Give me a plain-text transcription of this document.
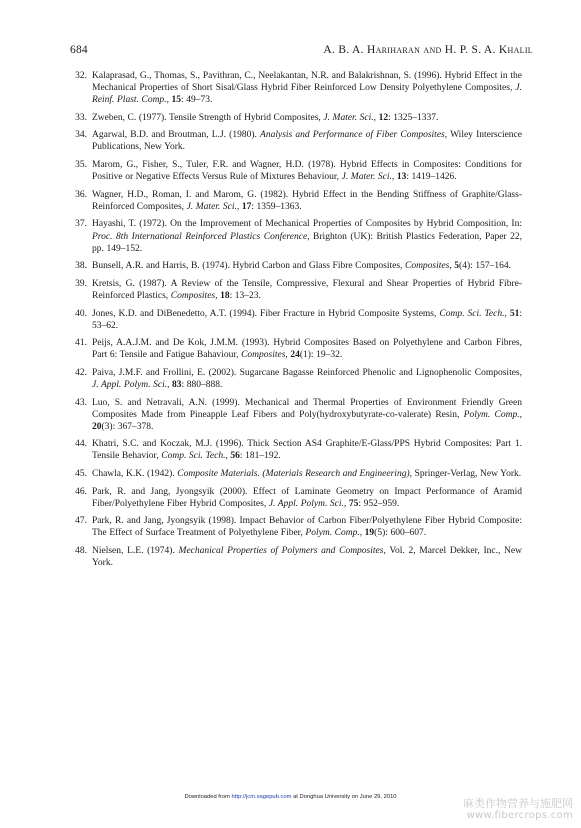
684	A. B. A. Hariharan and H. P. S. A. Khalil
32. Kalaprasad, G., Thomas, S., Pavithran, C., Neelakantan, N.R. and Balakrishnan, S. (1996). Hybrid Effect in the Mechanical Properties of Short Sisal/Glass Hybrid Fiber Reinforced Low Density Polyethylene Composites, J. Reinf. Plast. Comp., 15: 49–73.
33. Zweben, C. (1977). Tensile Strength of Hybrid Composites, J. Mater. Sci., 12: 1325–1337.
34. Agarwal, B.D. and Broutman, L.J. (1980). Analysis and Performance of Fiber Composites, Wiley Interscience Publications, New York.
35. Marom, G., Fisher, S., Tuler, F.R. and Wagner, H.D. (1978). Hybrid Effects in Composites: Conditions for Positive or Negative Effects Versus Rule of Mixtures Behaviour, J. Mater. Sci., 13: 1419–1426.
36. Wagner, H.D., Roman, I. and Marom, G. (1982). Hybrid Effect in the Bending Stiffness of Graphite/Glass-Reinforced Composites, J. Mater. Sci., 17: 1359–1363.
37. Hayashi, T. (1972). On the Improvement of Mechanical Properties of Composites by Hybrid Composition, In: Proc. 8th International Reinforced Plastics Conference, Brighton (UK): British Plastics Federation, Paper 22, pp. 149–152.
38. Bunsell, A.R. and Harris, B. (1974). Hybrid Carbon and Glass Fibre Composites, Composites, 5(4): 157–164.
39. Kretsis, G. (1987). A Review of the Tensile, Compressive, Flexural and Shear Properties of Hybrid Fibre-Reinforced Plastics, Composites, 18: 13–23.
40. Jones, K.D. and DiBenedetto, A.T. (1994). Fiber Fracture in Hybrid Composite Systems, Comp. Sci. Tech., 51: 53–62.
41. Peijs, A.A.J.M. and De Kok, J.M.M. (1993). Hybrid Composites Based on Polyethylene and Carbon Fibres, Part 6: Tensile and Fatigue Bahaviour, Composites, 24(1): 19–32.
42. Paiva, J.M.F. and Frollini, E. (2002). Sugarcane Bagasse Reinforced Phenolic and Lignophenolic Composites, J. Appl. Polym. Sci., 83: 880–888.
43. Luo, S. and Netravali, A.N. (1999). Mechanical and Thermal Properties of Environment Friendly Green Composites Made from Pineapple Leaf Fibers and Poly(hydroxybutyrate-co-valerate) Resin, Polym. Comp., 20(3): 367–378.
44. Khatri, S.C. and Koczak, M.J. (1996). Thick Section AS4 Graphite/E-Glass/PPS Hybrid Composites: Part 1. Tensile Behavior, Comp. Sci. Tech., 56: 181–192.
45. Chawla, K.K. (1942). Composite Materials. (Materials Research and Engineering), Springer-Verlag, New York.
46. Park, R. and Jang, Jyongsyik (2000). Effect of Laminate Geometry on Impact Performance of Aramid Fiber/Polyethylene Fiber Hybrid Composites, J. Appl. Polym. Sci., 75: 952–959.
47. Park, R. and Jang, Jyongsyik (1998). Impact Behavior of Carbon Fiber/Polyethylene Fiber Hybrid Composite: The Effect of Surface Treatment of Polyethylene Fiber, Polym. Comp., 19(5): 600–607.
48. Nielsen, L.E. (1974). Mechanical Properties of Polymers and Composites, Vol. 2, Marcel Dekker, Inc., New York.
Downloaded from http://jcm.sagepub.com at Donghua University on June 29, 2010	麻类作物营养与施肥网
www.fibercrops.com
